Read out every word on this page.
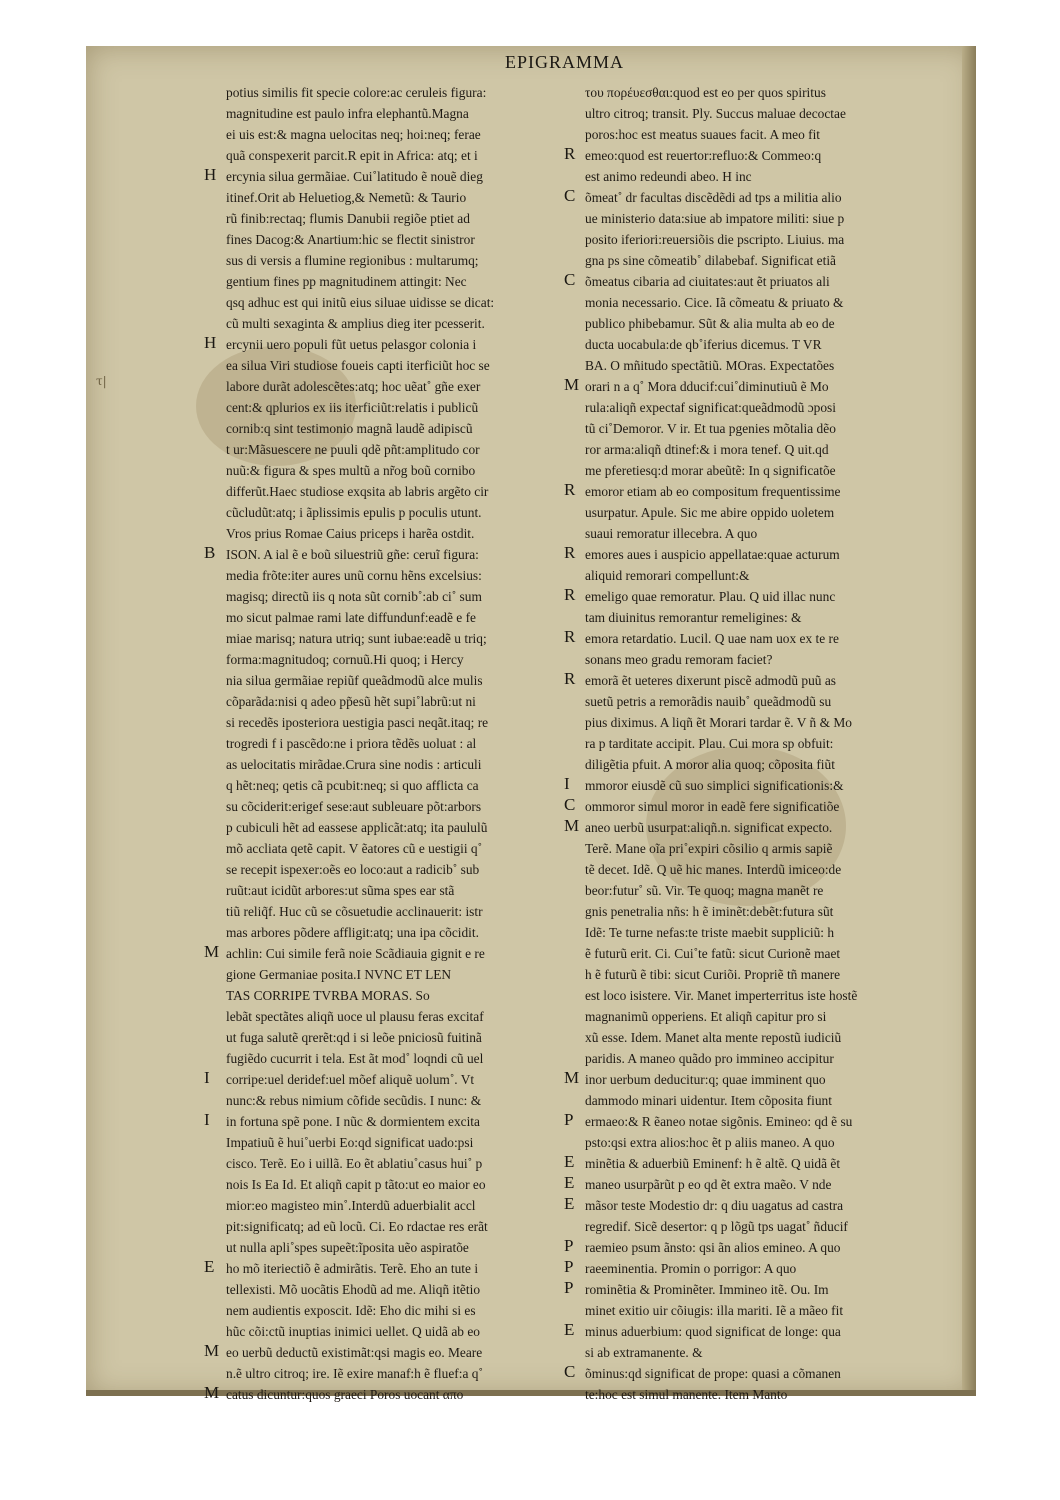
τ|
EPIGRAMMA
potius similis fit specie colore:ac ceruleis figura:
magnitudine est paulo infra elephantũ.Magna
ei uis est:& magna uelocitas neq; hoi:neq; ferae
quã conspexerit parcit.R epit in Africa: atq; et i
ercynia silua germãiae. Cui˚latitudo ẽ nouẽ dieg
itinef.Orit ab Heluetiog,& Nemetũ: & Taurio
rũ finib:rectaq; flumis Danubii regiõe ptiet ad
fines Dacog:& Anartium:hic se flectit sinistror
sus di versis a flumine regionibus : multarumq;
gentium fines pp magnitudinem attingit: Nec
qsq adhuc est qui initũ eius siluae uidisse se dicat:
cũ multi sexaginta & amplius dieg iter pcesserit.
ercynii uero populi fũt uetus pelasgor colonia i
ea silua Viri studiose foueis capti iterficiũt hoc se
labore durãt adolescẽtes:atq; hoc uẽat˚ gñe exer
cent:& qplurios ex iis iterficiũt:relatis i publicũ
cornib:q sint testimonio magnã laudẽ adipiscũ
t ur:Mãsuescere ne puuli qdẽ pñt:amplitudo cor
nuũ:& figura & spes multũ a nr̃og boũ cornibo
differũt.Haec studiose exqsita ab labris argẽto cir
cũcludũt:atq; i ãplissimis epulis p poculis utunt.
Vros prius Romae Caius priceps i harẽa ostdit.
ISON. A ial ẽ e boũ siluestriũ gñe: ceruĩ figura:
media frõte:iter aures unũ cornu hẽns excelsius:
magisq; directũ iis q nota sũt cornib˚:ab ci˚ sum
mo sicut palmae rami late diffundunf:eadẽ e fe
miae marisq; natura utriq; sunt iubae:eadẽ u triq;
forma:magnitudoq; cornuũ.Hi quoq; i Hercy
nia silua germãiae repiũf queãdmodũ alce mulis
cõparãda:nisi q adeo pp̃esũ hẽt supi˚labrũ:ut ni
si recedẽs iposteriora uestigia pasci neqãt.itaq; re
trogredi f i pascẽdo:ne i priora tẽdẽs uoluat : al
as uelocitatis mirãdae.Crura sine nodis : articuli
q hẽt:neq; qetis cã pcubit:neq; si quo afflicta ca
su cõciderit:erigef sese:aut subleuare põt:arbors
p cubiculi hẽt ad eassese applicãt:atq; ita paululũ
mõ accliata qetẽ capit. V ẽatores cũ e uestigii q˚
se recepit ispexer:oẽs eo loco:aut a radicib˚ sub
ruũt:aut icidũt arbores:ut sũma spes ear stã
tiũ reliq̃f. Huc cũ se cõsuetudie acclinauerit: istr
mas arbores põdere affligit:atq; una ipa cõcidit.
achlin: Cui simile ferã noie Scãdiauia gignit e re
gione Germaniae posita.I NVNC ET LEN
TAS CORRIPE TVRBA MORAS. So
lebãt spectãtes aliqñ uoce ul plausu feras excitaf
ut fuga salutẽ qrerẽt:qd i si leõe pniciosũ fuitinã
fugiẽdo cucurrit i tela. Est ãt mod˚ loqndi cũ uel
corripe:uel deridef:uel mõef aliquẽ uolum˚. Vt
nunc:& rebus nimium cõfide secũdis. I nunc: &
in fortuna spẽ pone. I nũc & dormientem excita
Impatiuũ ẽ hui˚uerbi Eo:qd significat uado:psi
cisco. Terẽ. Eo i uillã. Eo ẽt ablatiu˚casus hui˚ p
nois Is Ea Id. Et aliqñ capit p tãto:ut eo maior eo
mior:eo magisteo min˚.Interdũ aduerbialit accl
pit:significatq; ad eũ locũ. Ci. Eo rdactae res erãt
ut nulla apli˚spes supeẽt:ĩposita uẽo aspiratõe
ho mõ iteriectiõ ẽ admirãtis. Terẽ. Eho an tute i
tellexisti. Mõ uocãtis Ehodũ ad me. Aliqñ itẽtio
nem audientis exposcit. Idẽ: Eho dic mihi si es
hũc cõi:ctũ inuptias inimici uellet. Q uidã ab eo
eo uerbũ deductũ existimãt:qsi magis eo. Meare
n.ẽ ultro citroq; ire. Iẽ exire manaf:h ẽ fluef:a q˚
catus dicuntur:quos graeci Poros uocant απο
του πορέυεσθαι:quod est eo per quos spiritus
ultro citroq; transit. Ply. Succus maluae decoctae
poros:hoc est meatus suaues facit. A meo fit
emeo:quod est reuertor:refluo:& Commeo:q
est animo redeundi abeo. H inc
õmeat˚ dr facultas discẽdẽdi ad tps a militia alio
ue ministerio data:siue ab impatore militi: siue p
posito iferiori:reuersiõis die pscripto. Liuius. ma
gna ps sine cõmeatib˚ dilabebaf. Significat etiã
õmeatus cibaria ad ciuitates:aut ẽt priuatos ali
monia necessario. Cice. Iã cõmeatu & priuato &
publico phibebamur. Sũt & alia multa ab eo de
ducta uocabula:de qb˚iferius dicemus. T VR
BA. O mñitudo spectãtiũ. MOras. Expectatões
orari n a q˚ Mora dducif:cui˚diminutiuũ ẽ Mo
rula:aliqñ expectaf significat:queãdmodũ ɔposi
tũ ci˚Demoror. V ir. Et tua pgenies mõtalia dẽo
ror arma:aliqñ dtinef:& i mora tenef. Q uit.qd
me pferetiesq:d morar abeũtẽ: In q significatõe
emoror etiam ab eo compositum frequentissime
usurpatur. Apule. Sic me abire oppido uoletem
suaui remoratur illecebra. A quo
emores aues i auspicio appellatae:quae acturum
aliquid remorari compellunt:&
emeligo quae remoratur. Plau. Q uid illac nunc
tam diuinitus remorantur remeligines: &
emora retardatio. Lucil. Q uae nam uox ex te re
sonans meo gradu remoram faciet?
emorã ẽt ueteres dixerunt piscẽ admodũ puũ as
suetũ petris a remorãdis nauib˚ queãdmodũ su
pius diximus. A liqñ ẽt Morari tardar ẽ. V ñ & Mo
ra p tarditate accipit. Plau. Cui mora sp obfuit:
diligẽtia pfuit. A moror alia quoq; cõposita fiũt
mmoror eiusdẽ cũ suo simplici significationis:&
ommoror simul moror in eadẽ fere significatiõe
aneo uerbũ usurpat:aliqñ.n. significat expecto.
Terẽ. Mane oĩa pri˚expiri cõsilio q armis sapiẽ
tẽ decet. Idẽ. Q uẽ hic manes. Interdũ imiceo:de
beor:futur˚ sũ. Vir. Te quoq; magna manẽt re
gnis penetralia nñs: h ẽ iminẽt:debẽt:futura sũt
Idẽ: Te turne nefas:te triste maebit suppliciũ: h
ẽ futurũ erit. Ci. Cui˚te fatũ: sicut Curionẽ maet
h ẽ futurũ ẽ tibi: sicut Curiõi. Propriẽ tñ manere
est loco isistere. Vir. Manet imperterritus iste hostẽ
magnanimũ opperiens. Et aliqñ capitur pro si
xũ esse. Idem. Manet alta mente repostũ iudiciũ
paridis. A maneo quãdo pro immineo accipitur
inor uerbum deducitur:q; quae imminent quo
dammodo minari uidentur. Item cõposita fiunt
ermaeo:& R ẽaneo notae sigõnis. Emineo: qd ẽ su
psto:qsi extra alios:hoc ẽt p aliis maneo. A quo
minẽtia & aduerbiũ Eminenf: h ẽ altẽ. Q uidã ẽt
maneo usurpãrũt p eo qd ẽt extra maẽo. V nde
mãsor teste Modestio dr: q diu uagatus ad castra
regredif. Sicẽ desertor: q p lõgũ tps uagat˚ ñducif
raemieo psum ãnsto: qsi ãn alios emineo. A quo
raeeminentia. Promin o porrigor: A quo
rominẽtia & Prominẽter. Immineo itẽ. Ou. Im
minet exitio uir cõiugis: illa mariti. Iẽ a mãeo fit
minus aduerbium: quod significat de longe: qua
si ab extramanente. &
õminus:qd significat de prope: quasi a cõmanen
te:hoc est simul manente. Item Manto
H
H
B
M
I
I
E
M
M
R
C
C
M
R
R
R
R
R
I
C
M
M
P
E
E
E
P
P
P
E
C
